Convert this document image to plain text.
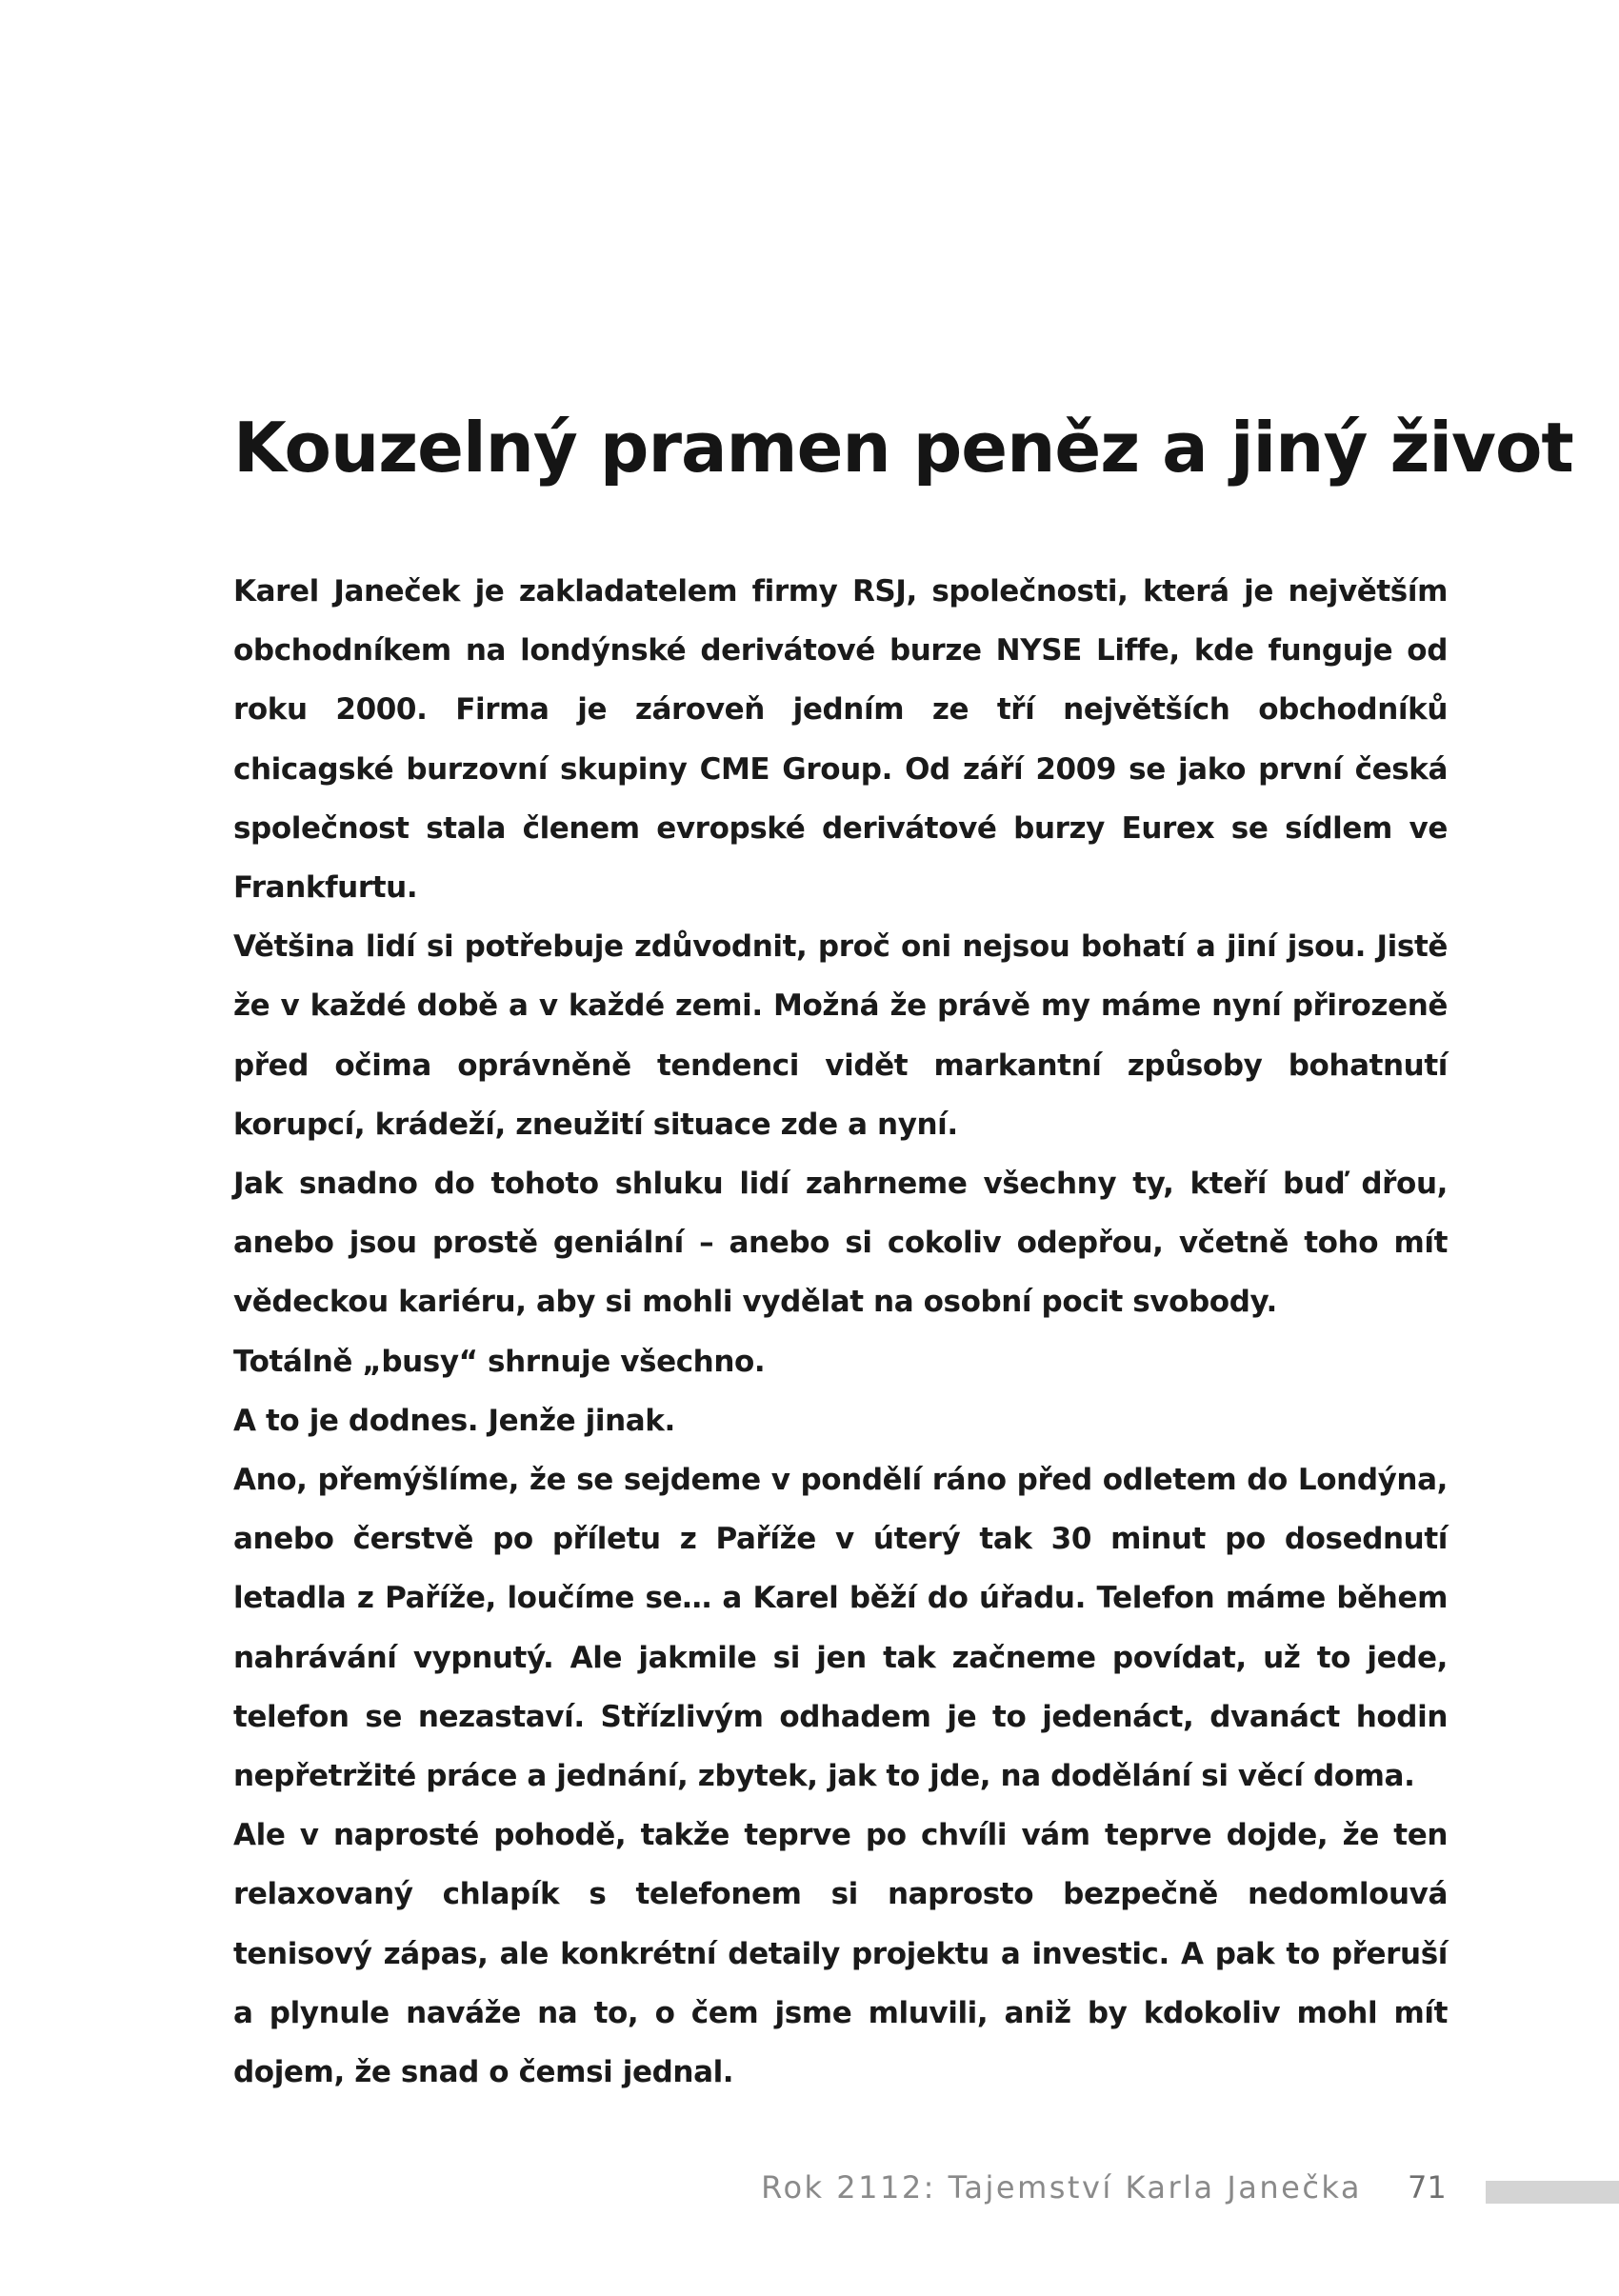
Kouzelný pramen peněz a jiný život

Karel Janeček je zakladatelem firmy RSJ, společnosti, která je největším obchodníkem na londýnské derivátové burze NYSE Liffe, kde funguje od roku 2000. Firma je zároveň jedním ze tří největších obchodníků chicagské burzovní skupiny CME Group. Od září 2009 se jako první česká společnost stala členem evropské derivátové burzy Eurex se sídlem ve Frankfurtu.

Většina lidí si potřebuje zdůvodnit, proč oni nejsou bohatí a jiní jsou. Jistě že v každé době a v každé zemi. Možná že právě my máme nyní přirozeně před očima oprávněně tendenci vidět markantní způsoby bohatnutí korupcí, krádeží, zneužití situace zde a nyní.

Jak snadno do tohoto shluku lidí zahrneme všechny ty, kteří buď dřou, anebo jsou prostě geniální – anebo si cokoliv odepřou, včetně toho mít vědeckou kariéru, aby si mohli vydělat na osobní pocit svobody.

Totálně „busy“ shrnuje všechno.

A to je dodnes. Jenže jinak.

Ano, přemýšlíme, že se sejdeme v pondělí ráno před odletem do Londýna, anebo čerstvě po příletu z Paříže v úterý tak 30 minut po dosednutí letadla z Paříže, loučíme se… a Karel běží do úřadu. Telefon máme během nahrávání vypnutý. Ale jakmile si jen tak začneme povídat, už to jede, telefon se nezastaví. Střízlivým odhadem je to jedenáct, dvanáct hodin nepřetržité práce a jednání, zbytek, jak to jde, na dodělání si věcí doma.

Ale v naprosté pohodě, takže teprve po chvíli vám teprve dojde, že ten relaxovaný chlapík s telefonem si naprosto bezpečně nedomlouvá tenisový zápas, ale konkrétní detaily projektu a investic. A pak to přeruší a plynule naváže na to, o čem jsme mluvili, aniž by kdokoliv mohl mít dojem, že snad o čemsi jednal.

Rok 2112: Tajemství Karla Janečka 71
